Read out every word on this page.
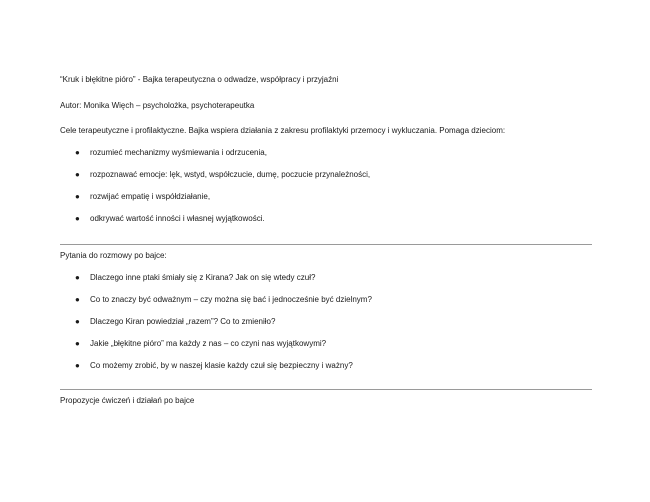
“Kruk i błękitne pióro” - Bajka terapeutyczna o odwadze, współpracy i przyjaźni
Autor: Monika Więch – psycholożka, psychoterapeutka
Cele terapeutyczne i profilaktyczne. Bajka wspiera działania z zakresu profilaktyki przemocy i wykluczania. Pomaga dzieciom:
● rozumieć mechanizmy wyśmiewania i odrzucenia,
● rozpoznawać emocje: lęk, wstyd, współczucie, dumę, poczucie przynależności,
● rozwijać empatię i współdziałanie,
● odkrywać wartość inności i własnej wyjątkowości.
Pytania do rozmowy po bajce:
● Dlaczego inne ptaki śmiały się z Kirana? Jak on się wtedy czuł?
● Co to znaczy być odważnym – czy można się bać i jednocześnie być dzielnym?
● Dlaczego Kiran powiedział „razem”? Co to zmieniło?
● Jakie „błękitne pióro” ma każdy z nas – co czyni nas wyjątkowymi?
● Co możemy zrobić, by w naszej klasie każdy czuł się bezpieczny i ważny?
Propozycje ćwiczeń i działań po bajce
